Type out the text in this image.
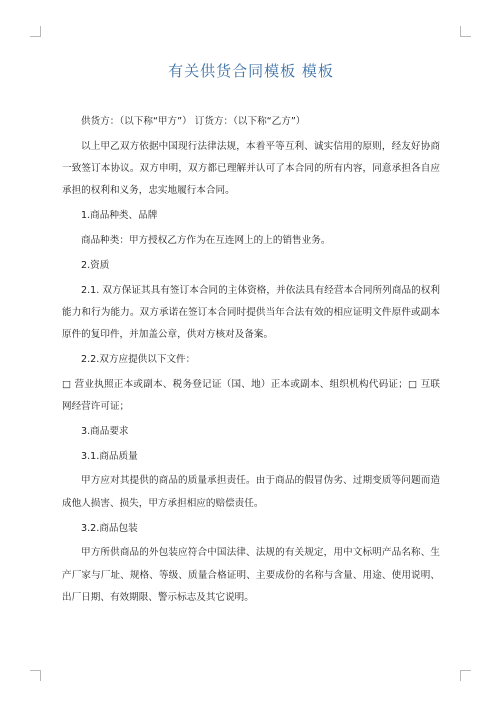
有关供货合同模板 模板

供货方：（以下称“甲方”） 订货方：（以下称“乙方”）

以上甲乙双方依据中国现行法律法规，本着平等互利、诚实信用的原则，经友好协商一致签订本协议。双方申明，双方都已理解并认可了本合同的所有内容，同意承担各自应承担的权利和义务，忠实地履行本合同。

1.商品种类、品牌

商品种类：甲方授权乙方作为在互连网上的上的销售业务。

2.资质

2.1. 双方保证其具有签订本合同的主体资格，并依法具有经营本合同所列商品的权利能力和行为能力。双方承诺在签订本合同时提供当年合法有效的相应证明文件原件或副本原件的复印件，并加盖公章，供对方核对及备案。

2.2.双方应提供以下文件：

□ 营业执照正本或副本、税务登记证（国、地）正本或副本、组织机构代码证；□ 互联网经营许可证；

3.商品要求

3.1.商品质量

甲方应对其提供的商品的质量承担责任。由于商品的假冒伪劣、过期变质等问题而造成他人损害、损失，甲方承担相应的赔偿责任。

3.2.商品包装

甲方所供商品的外包装应符合中国法律、法规的有关规定，用中文标明产品名称、生产厂家与厂址、规格、等级、质量合格证明、主要成份的名称与含量、用途、使用说明、出厂日期、有效期限、警示标志及其它说明。
